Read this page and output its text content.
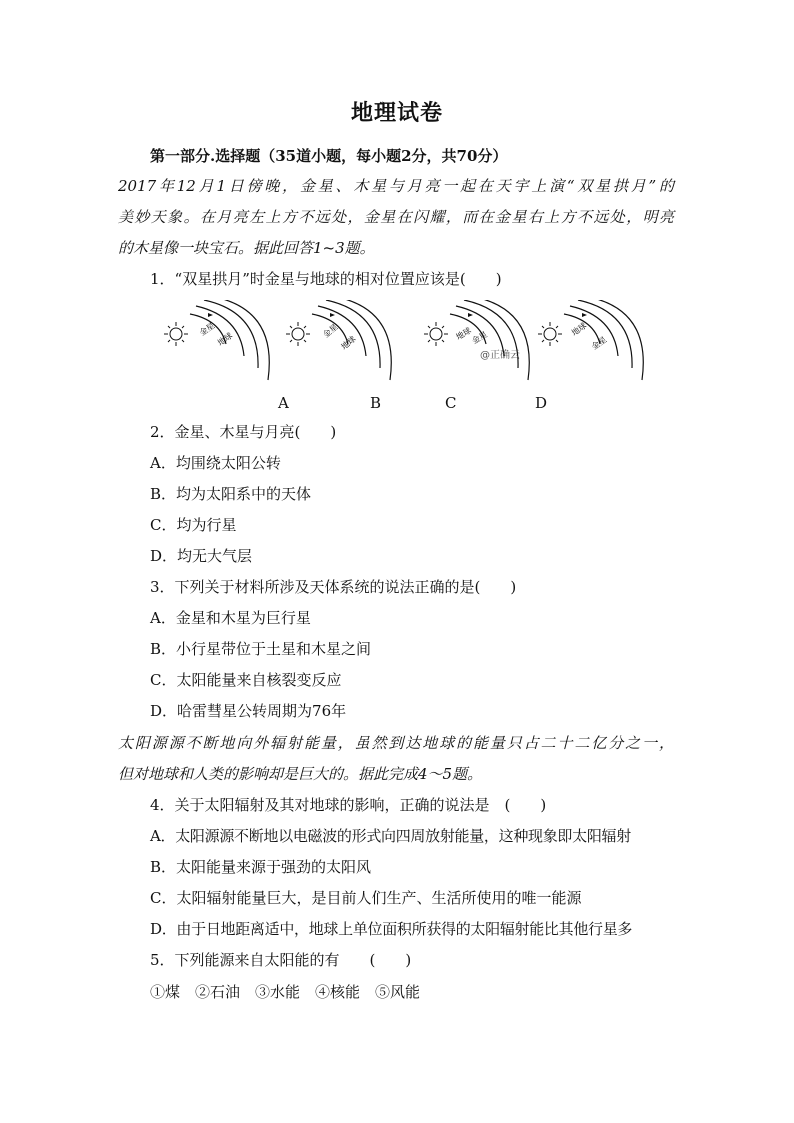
地理试卷
第一部分.选择题（35道小题，每小题2分，共70分）
2017年12月1日傍晚，金星、木星与月亮一起在天宇上演“双星拱月”的
美妙天象。在月亮左上方不远处，金星在闪耀，而在金星右上方不远处，明亮
的木星像一块宝石。据此回答1~3题。
1．“双星拱月”时金星与地球的相对位置应该是(　　)
金星
地球	金星
地球
地球
金星
@正确云
地球
金星
A	B	C	D
2．金星、木星与月亮(　　)
A．均围绕太阳公转
B．均为太阳系中的天体
C．均为行星
D．均无大气层
3．下列关于材料所涉及天体系统的说法正确的是(　　)
A．金星和木星为巨行星
B．小行星带位于土星和木星之间
C．太阳能量来自核裂变反应
D．哈雷彗星公转周期为76年
太阳源源不断地向外辐射能量，虽然到达地球的能量只占二十二亿分之一，
但对地球和人类的影响却是巨大的。据此完成4～5题。
4．关于太阳辐射及其对地球的影响，正确的说法是　(　　)
A．太阳源源不断地以电磁波的形式向四周放射能量，这种现象即太阳辐射
B．太阳能量来源于强劲的太阳风
C．太阳辐射能量巨大，是目前人们生产、生活所使用的唯一能源
D．由于日地距离适中，地球上单位面积所获得的太阳辐射能比其他行星多
5．下列能源来自太阳能的有　　(　　)
①煤　②石油　③水能　④核能　⑤风能
